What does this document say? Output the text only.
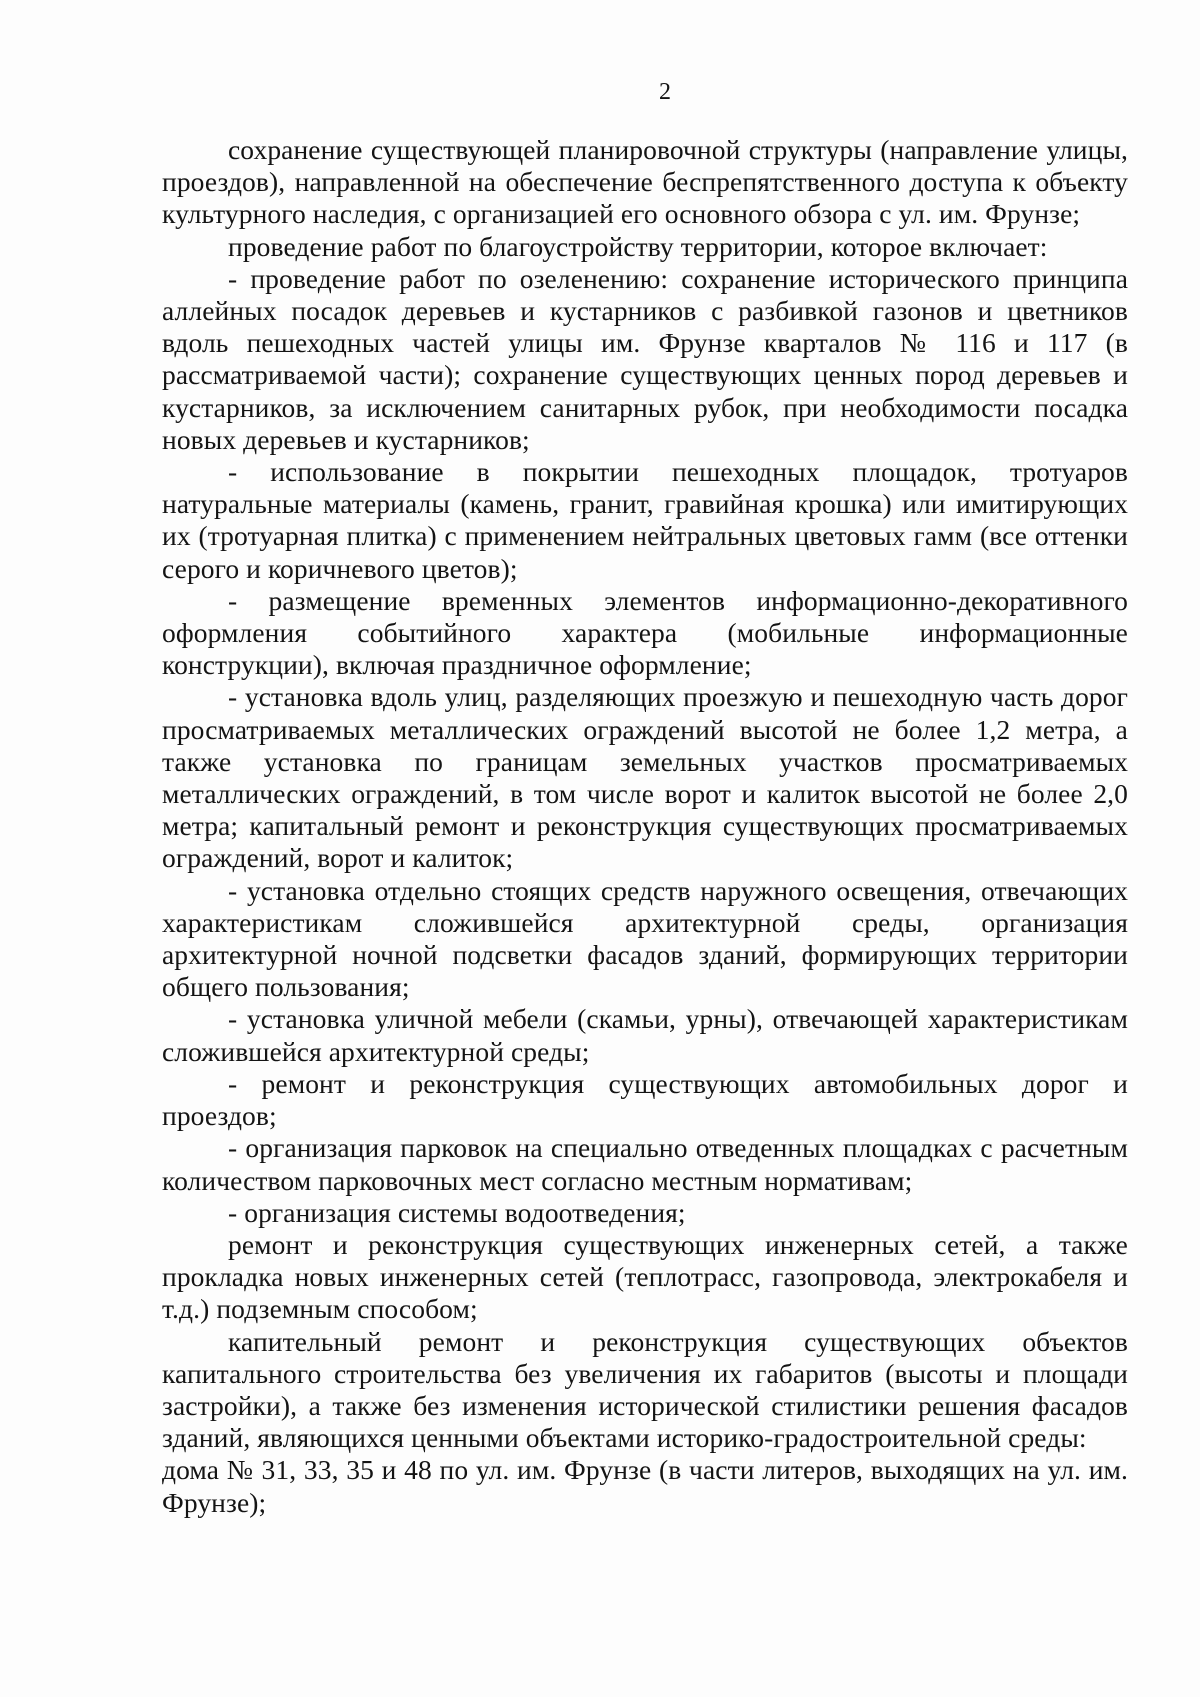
2

сохранение существующей планировочной структуры (направление улицы, проездов), направленной на обеспечение беспрепятственного доступа к объекту культурного наследия, с организацией его основного обзора с ул. им. Фрунзе;

проведение работ по благоустройству территории, которое включает:

- проведение работ по озеленению: сохранение исторического принципа аллейных посадок деревьев и кустарников с разбивкой газонов и цветников вдоль пешеходных частей улицы им. Фрунзе кварталов № 116 и 117 (в рассматриваемой части); сохранение существующих ценных пород деревьев и кустарников, за исключением санитарных рубок, при необходимости посадка новых деревьев и кустарников;

- использование в покрытии пешеходных площадок, тротуаров натуральные материалы (камень, гранит, гравийная крошка) или имитирующих их (тротуарная плитка) с применением нейтральных цветовых гамм (все оттенки серого и коричневого цветов);

- размещение временных элементов информационно-декоративного оформления событийного характера (мобильные информационные конструкции), включая праздничное оформление;

- установка вдоль улиц, разделяющих проезжую и пешеходную часть дорог просматриваемых металлических ограждений высотой не более 1,2 метра, а также установка по границам земельных участков просматриваемых металлических ограждений, в том числе ворот и калиток высотой не более 2,0 метра; капитальный ремонт и реконструкция существующих просматриваемых ограждений, ворот и калиток;

- установка отдельно стоящих средств наружного освещения, отвечающих характеристикам сложившейся архитектурной среды, организация архитектурной ночной подсветки фасадов зданий, формирующих территории общего пользования;

- установка уличной мебели (скамьи, урны), отвечающей характеристикам сложившейся архитектурной среды;

- ремонт и реконструкция существующих автомобильных дорог и проездов;

- организация парковок на специально отведенных площадках с расчетным количеством парковочных мест согласно местным нормативам;

- организация системы водоотведения;

ремонт и реконструкция существующих инженерных сетей, а также прокладка новых инженерных сетей (теплотрасс, газопровода, электрокабеля и т.д.) подземным способом;

капительный ремонт и реконструкция существующих объектов капитального строительства без увеличения их габаритов (высоты и площади застройки), а также без изменения исторической стилистики решения фасадов зданий, являющихся ценными объектами историко-градостроительной среды:

дома № 31, 33, 35 и 48 по ул. им. Фрунзе (в части литеров, выходящих на ул. им. Фрунзе);
